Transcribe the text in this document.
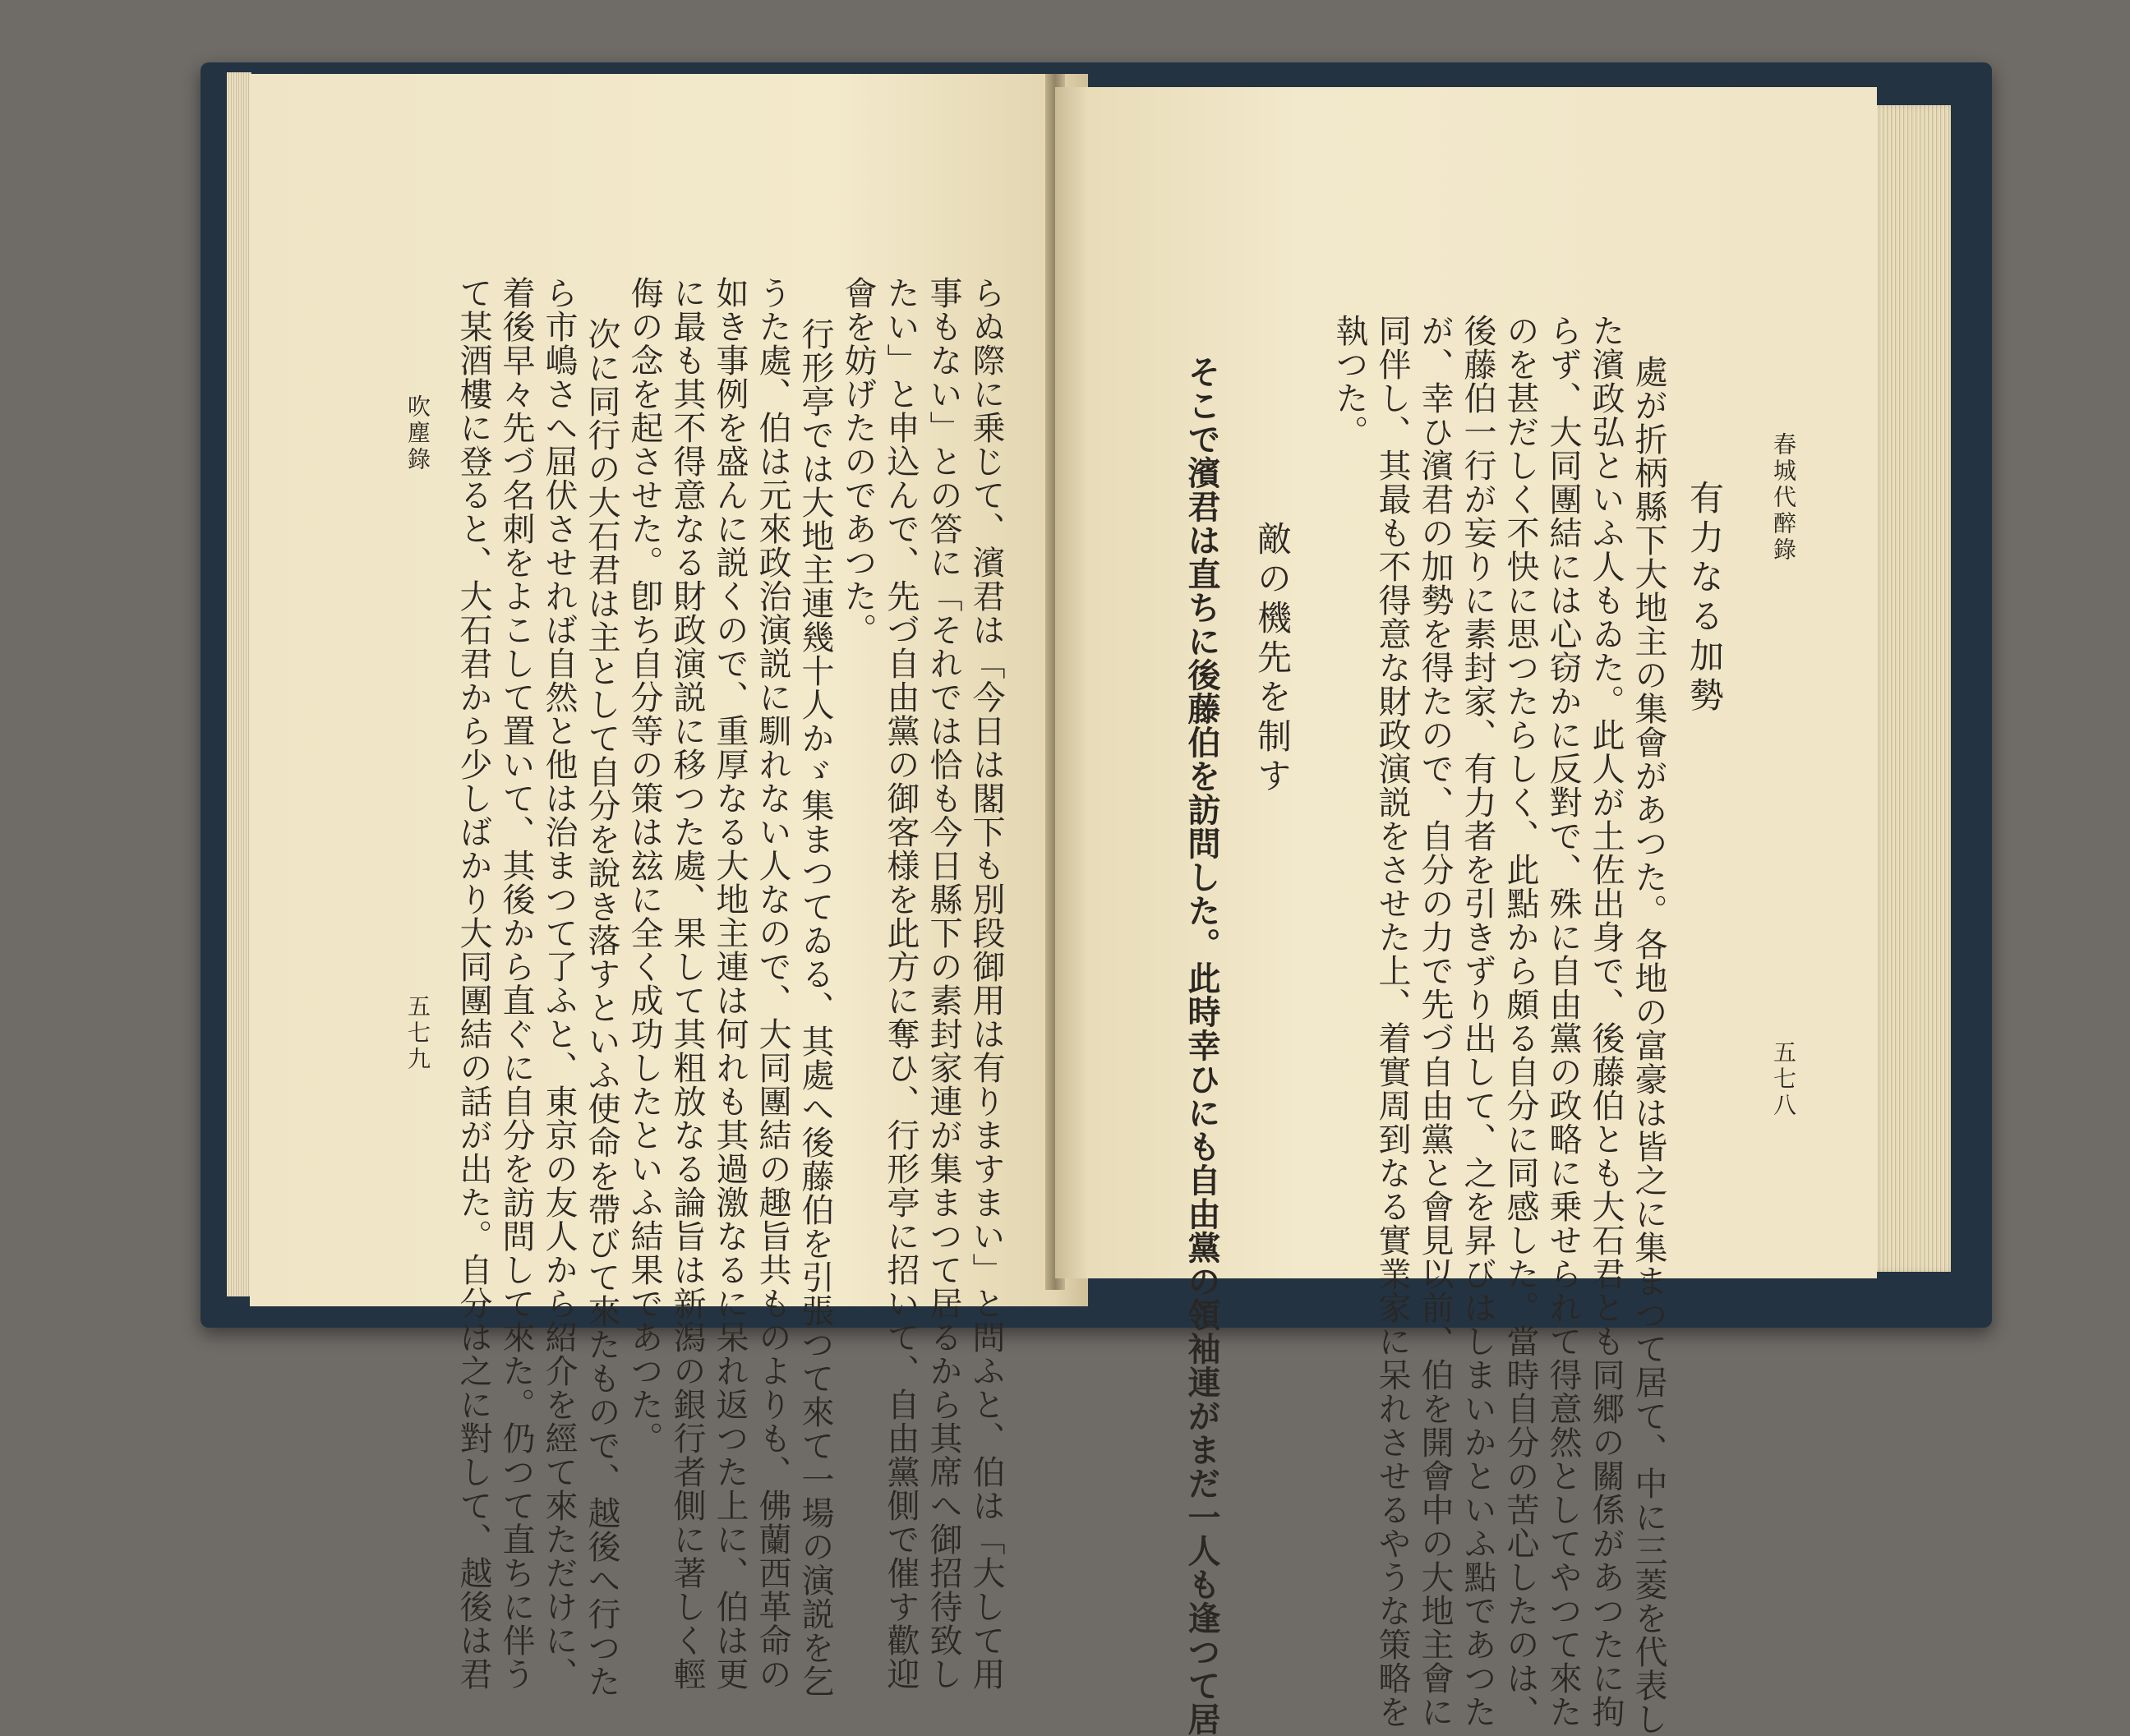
らぬ際に乗じて、濱君は「今日は閣下も別段御用は有りますまい」と問ふと、伯は「大して用
事もない」との答に「それでは恰も今日縣下の素封家連が集まつて居るから其席へ御招待致し
たい」と申込んで、先づ自由黨の御客様を此方に奪ひ、行形亭に招いて、自由黨側で催す歡迎
會を妨げたのであつた。
行形亭では大地主連幾十人かゞ集まつてゐる、其處へ後藤伯を引張つて來て一場の演説を乞
うた處、伯は元來政治演説に馴れない人なので、大同團結の趣旨共ものよりも、佛蘭西革命の
如き事例を盛んに説くので、重厚なる大地主連は何れも其過激なるに呆れ返つた上に、伯は更
に最も其不得意なる財政演説に移つた處、果して其粗放なる論旨は新潟の銀行者側に著しく輕
侮の念を起させた。卽ち自分等の策は玆に全く成功したといふ結果であつた。
次に同行の大石君は主として自分を說き落すといふ使命を帶びて來たもので、越後へ行つた
ら市嶋さへ屈伏させれば自然と他は治まつて了ふと、東京の友人から紹介を經て來ただけに、
着後早々先づ名刺をよこして置いて、其後から直ぐに自分を訪問して來た。仍つて直ちに伴う
て某酒樓に登ると、大石君から少しばかり大同團結の話が出た。自分は之に對して、越後は君
吹塵錄
五七九
春城代醉錄
五七八
有力なる加勢
處が折柄縣下大地主の集會があつた。各地の富豪は皆之に集まつて居て、中に三菱を代表し
た濱政弘といふ人もゐた。此人が土佐出身で、後藤伯とも大石君とも同郷の關係があつたに拘
らず、大同團結には心窃かに反對で、殊に自由黨の政略に乗せられて得意然としてやつて來た
のを甚だしく不快に思つたらしく、此點から頗る自分に同感した。當時自分の苦心したのは、
後藤伯一行が妄りに素封家、有力者を引きずり出して、之を昇びはしまいかといふ點であつた
が、幸ひ濱君の加勢を得たので、自分の力で先づ自由黨と會見以前、伯を開會中の大地主會に
同伴し、其最も不得意な財政演説をさせた上、着實周到なる實業家に呆れさせるやうな策略を
執つた。
敵の機先を制す
そこで濱君は直ちに後藤伯を訪問した。此時幸ひにも自由黨の領袖連がまだ一人も逢つて居
